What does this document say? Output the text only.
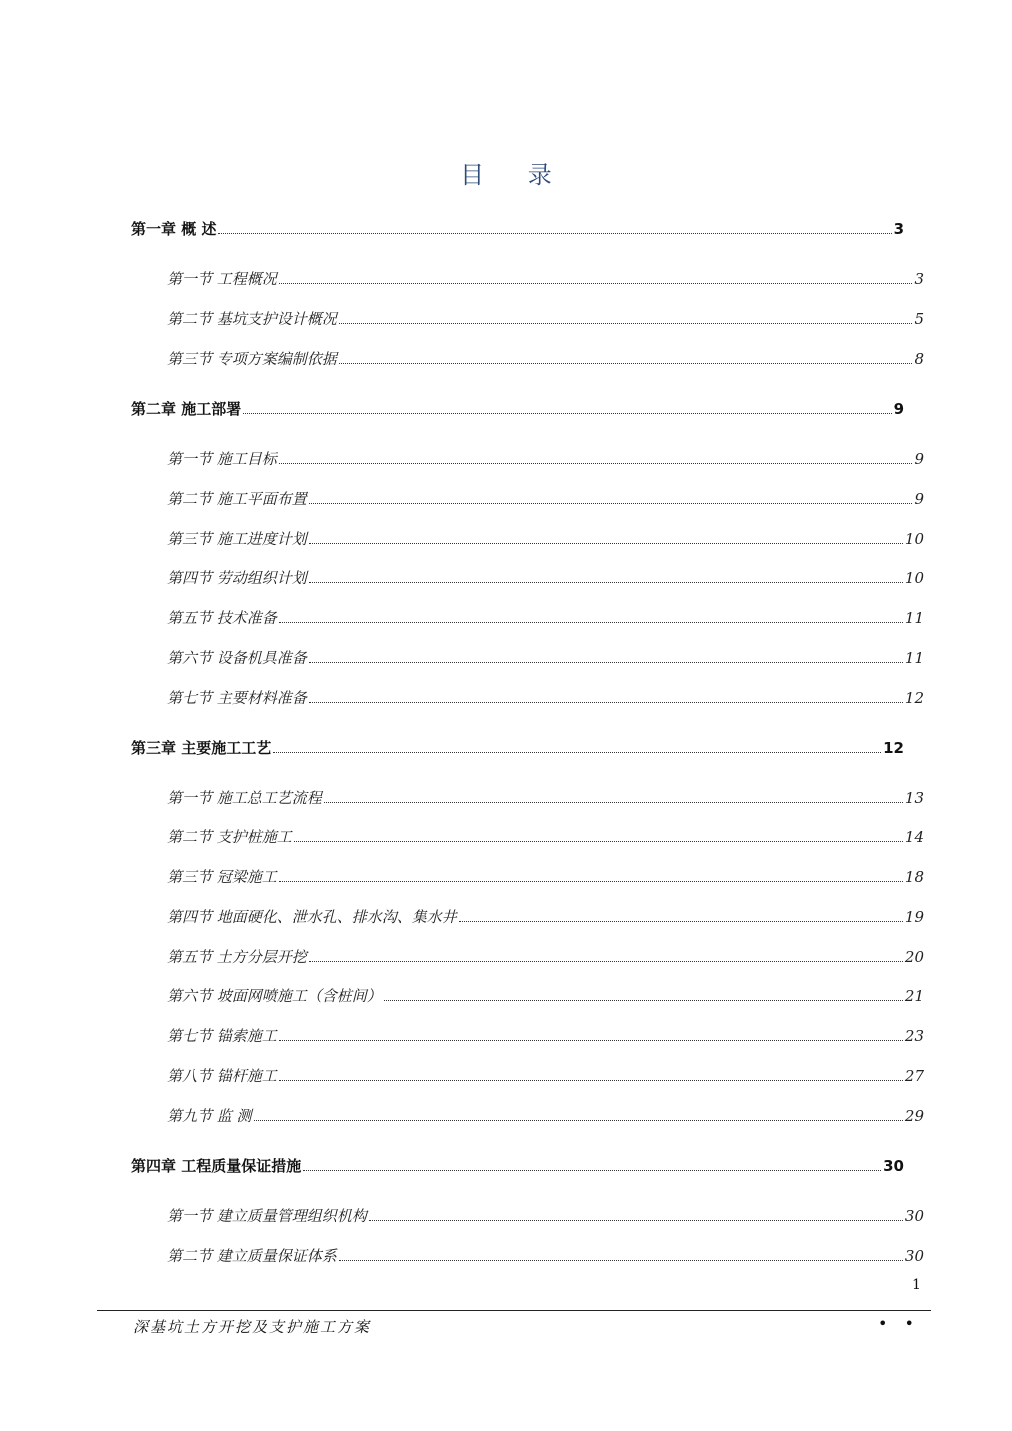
目 录
第一章 概 述	3
第一节 工程概况	3
第二节 基坑支护设计概况	5
第三节 专项方案编制依据	8
第二章 施工部署	9
第一节 施工目标	9
第二节 施工平面布置	9
第三节 施工进度计划	10
第四节 劳动组织计划	10
第五节 技术准备	11
第六节 设备机具准备	11
第七节 主要材料准备	12
第三章 主要施工工艺	12
第一节 施工总工艺流程	13
第二节 支护桩施工	14
第三节 冠梁施工	18
第四节 地面硬化、泄水孔、排水沟、集水井	19
第五节 土方分层开挖	20
第六节 坡面网喷施工（含桩间）	21
第七节 锚索施工	23
第八节 锚杆施工	27
第九节 监 测	29
第四章 工程质量保证措施	30
第一节 建立质量管理组织机构	30
第二节 建立质量保证体系	30
1
深基坑土方开挖及支护施工方案	• •
